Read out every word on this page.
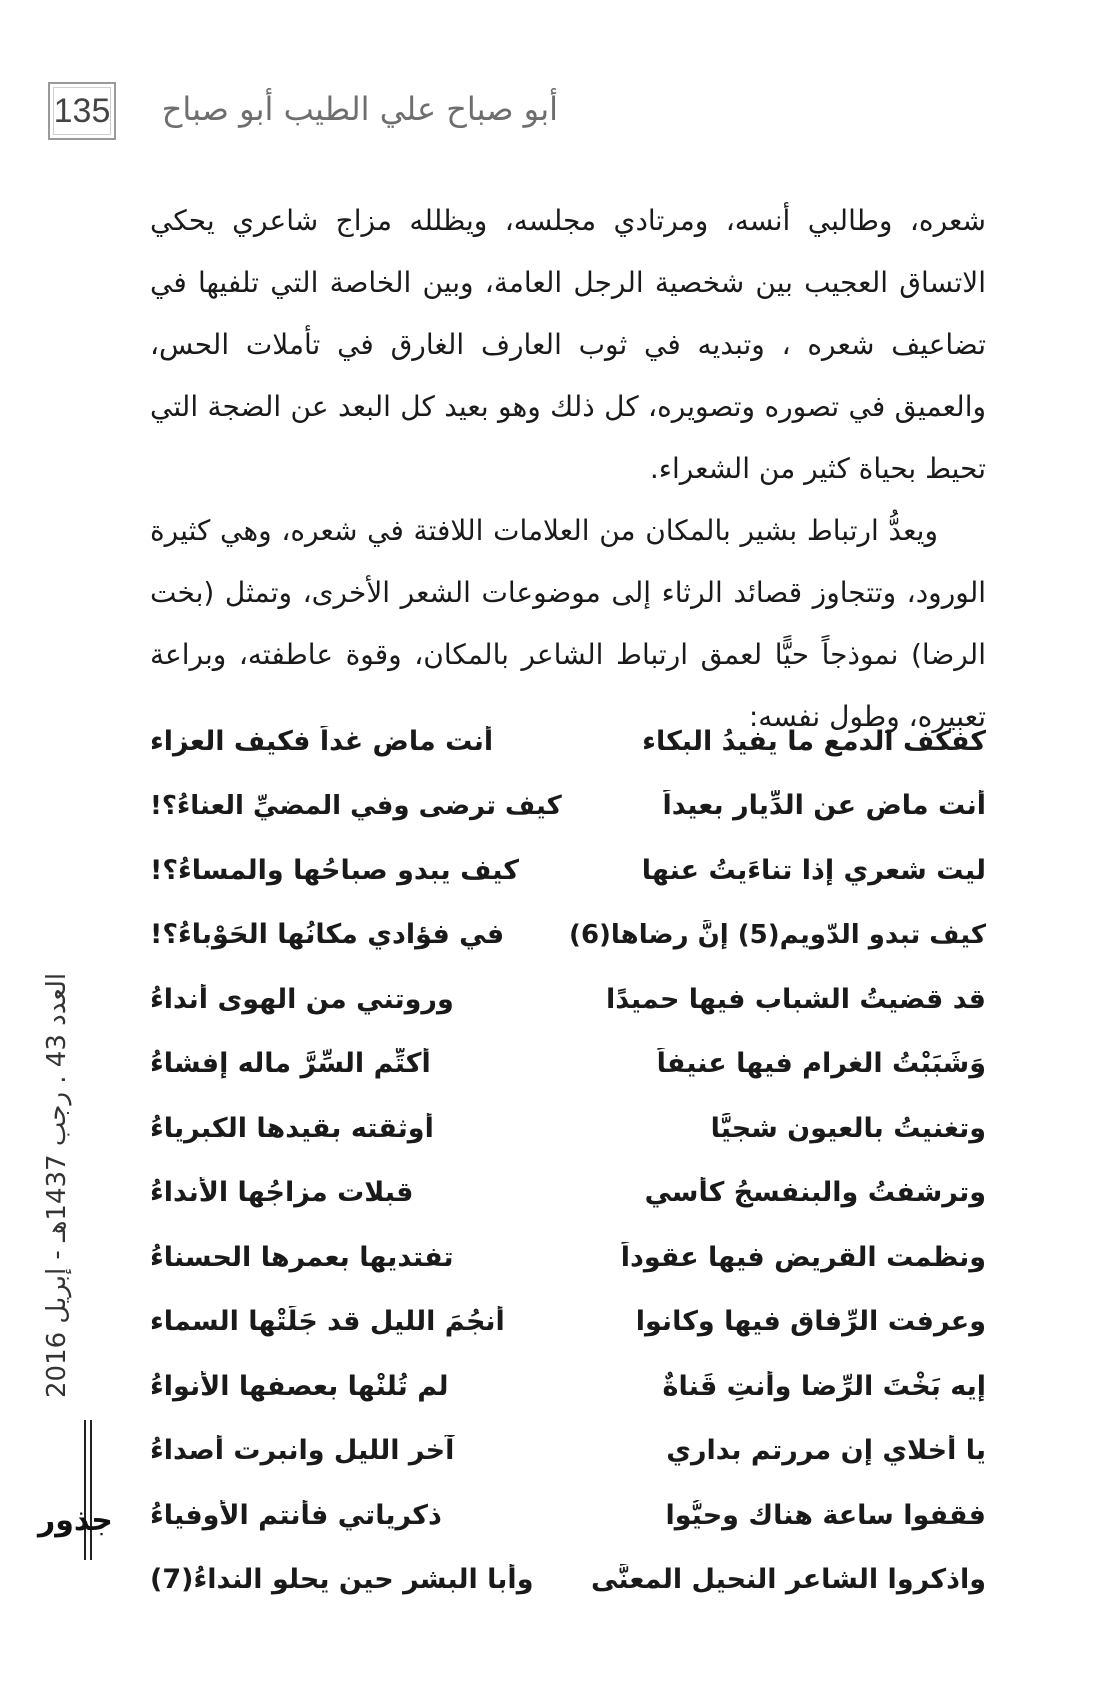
135 أبو صباح علي الطيب أبو صباح

شعره، وطالبي أنسه، ومرتادي مجلسه، ويظلله مزاج شاعري يحكي الاتساق العجيب بين شخصية الرجل العامة، وبين الخاصة التي تلفيها في تضاعيف شعره ، وتبديه في ثوب العارف الغارق في تأملات الحس، والعميق في تصوره وتصويره، كل ذلك وهو بعيد كل البعد عن الضجة التي تحيط بحياة كثير من الشعراء.

ويعدُّ ارتباط بشير بالمكان من العلامات اللافتة في شعره، وهي كثيرة الورود، وتتجاوز قصائد الرثاء إلى موضوعات الشعر الأخرى، وتمثل (بخت الرضا) نموذجاً حيًّا لعمق ارتباط الشاعر بالمكان، وقوة عاطفته، وبراعة تعبيره، وطول نفسه:

كفكف الدمع ما يفيدُ البكاء
أنت ماضٍ غداً فكيف العزاء
أنت ماضٍ عن الدِّيار بعيداً
كيف ترضى وفي المضيِّ العناءُ؟!
ليت شعري إذا تناءَيتُ عنها
كيف يبدو صباحُها والمساءُ؟!
كيف تبدو الدّويم(5) إنَّ رضاها(6)
في فؤادي مكانُها الحَوْباءُ؟!
قد قضيتُ الشباب فيها حميدًا
وروتني من الهوى أنداءُ
وَشَبَبْتُ الغرام فيها عنيفاً
أكتِّم السِّرَّ ماله إفشاءُ
وتغنيتُ بالعيون شجيًّا
أوثقته بقيدها الكبرياءُ
وترشفتُ والبنفسجُ كأسي
قبلات مزاجُها الأنداءُ
ونظمت القريض فيها عقوداً
تفتديها بعمرها الحسناءُ
وعرفت الرِّفاق فيها وكانوا
أنجُمَ الليل قد جَلَتْها السماء
إيه بَخْتَ الرِّضا وأنتِ قَناةٌ
لم تُلنْها بعصفها الأنواءُ
يا أخلاي إن مررتم بداري
آخر الليل وانبرت أصداءُ
فقفوا ساعة هناك وحيُّوا
ذكرياتي فأنتم الأوفياءُ
واذكروا الشاعر النحيل المعنَّى
وأبا البشر حين يحلو النداءُ(7)
العدد 43 . رجب 1437هـ - إبريل 2016
جذور
